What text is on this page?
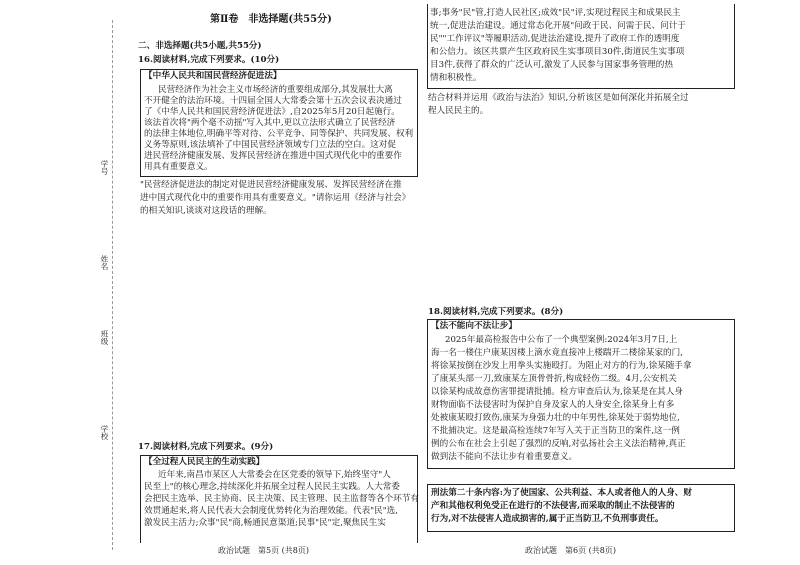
学号
姓名
班级
学校
第Ⅱ卷　非选择题(共55分)
二、非选择题(共5小题,共55分)
16.阅读材料,完成下列要求。(10分)
【中华人民共和国民营经济促进法】
民营经济作为社会主义市场经济的重要组成部分,其发展壮大离
不开健全的法治环境。十四届全国人大常委会第十五次会议表决通过
了《中华人民共和国民营经济促进法》,自2025年5月20日起施行。
该法首次将"两个毫不动摇"写入其中,更以立法形式确立了民营经济
的法律主体地位,明确平等对待、公平竞争、同等保护、共同发展、权利
义务等原则,该法填补了中国民营经济领域专门立法的空白。这对促
进民营经济健康发展、发挥民营经济在推进中国式现代化中的重要作
用具有重要意义。
"民营经济促进法的制定对促进民营经济健康发展、发挥民营经济在推
进中国式现代化中的重要作用具有重要意义。"请你运用《经济与社会》
的相关知识,谈谈对这段话的理解。
17.阅读材料,完成下列要求。(9分)
【全过程人民民主的生动实践】
近年来,南昌市某区人大常委会在区党委的领导下,始终坚守"人
民至上"的核心理念,持续深化并拓展全过程人民民主实践。人大常委
会把民主选举、民主协商、民主决策、民主管理、民主监督等各个环节有
效贯通起来,将人民代表大会制度优势转化为治理效能。代表"民"选,
激发民主活力;众事"民"商,畅通民意渠道;民事"民"定,聚焦民生实
政治试题　第5页 (共8页)
事;事务"民"管,打造人民社区;成效"民"评,实现过程民主和成果民主
统一,促进法治建设。通过常态化开展"问政于民、问需于民、问计于
民""工作评议"等履职活动,促进法治建设,提升了政府工作的透明度
和公信力。该区共票产生区政府民生实事项目30件,街道民生实事项
目3件,获得了群众的广泛认可,激发了人民参与国家事务管理的热
情和积极性。
结合材料并运用《政治与法治》知识,分析该区是如何深化并拓展全过
程人民民主的。
18.阅读材料,完成下列要求。(8分)
【法不能向不法让步】
2025年最高检报告中公布了一个典型案例:2024年3月7日,上
海一名一楼住户康某因楼上滴水竟直接冲上楼踹开二楼徐某家的门,
将徐某按倒在沙发上用拳头实施殴打。为阻止对方的行为,徐某随手拿
了康某头部一刀,致康某左顶骨骨折,构成轻伤二级。4月,公安机关
以徐某构成故意伤害罪提请批捕。检方审查后认为,徐某是在其人身
财物面临不法侵害时为保护自身及家人的人身安全,徐某身上有多
处被康某殴打致伤,康某为身强力壮的中年男性,徐某处于弱势地位,
不批捕决定。这是最高检连续7年写入关于正当防卫的案件,这一例
例的公布在社会上引起了强烈的反响,对弘扬社会主义法治精神,真正
做到法不能向不法让步有着重要意义。
刑法第二十条内容:为了使国家、公共利益、本人或者他人的人身、财
产和其他权利免受正在进行的不法侵害,而采取的制止不法侵害的
行为,对不法侵害人造成损害的,属于正当防卫,不负刑事责任。
政治试题　第6页 (共8页)
